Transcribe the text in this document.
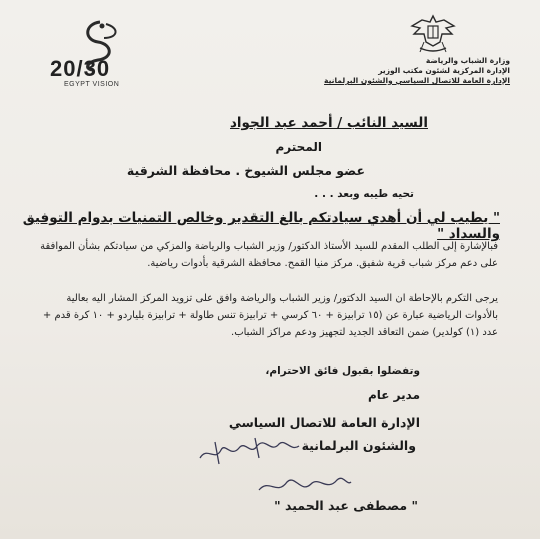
20/30
EGYPT VISION
وزارة الشباب والرياضة
الإدارة المركزية لشئون مكتب الوزير
الإدارة العامة للاتصال السياسي والشئون البرلمانية
السيد النائب / أحمد عبد الجواد
المحترم
عضو مجلس الشيوخ . محافظة الشرقية
تحيه طيبه وبعد . . .
" يطيب لي أن أهدي سيادتكم بالغ التقدير وخالص التمنيات بدوام التوفيق والسداد "
فبالإشارة إلى الطلب المقدم للسيد الأستاذ الدكتور/ وزير الشباب والرياضة والمزكي من سيادتكم بشأن الموافقة على دعم مركز شباب قرية شفيق. مركز منيا القمح. محافظة الشرقية بأدوات رياضية.
يرجى التكرم بالإحاطة ان السيد الدكتور/ وزير الشباب والرياضة وافق على تزويد المركز المشار اليه بعالية بالأدوات الرياضية عبارة عن (١٥ ترابيزة + ٦٠ كرسي + ترابيزة تنس طاولة + ترابيزة بلياردو + ١٠ كرة قدم + عدد (١) كولدير) ضمن التعاقد الجديد لتجهيز ودعم مراكز الشباب.
وتفضلوا بقبول فائق الاحترام،
مدير عام
الإدارة العامة للاتصال السياسي
والشئون البرلمانية
" مصطفى عبد الحميد "
